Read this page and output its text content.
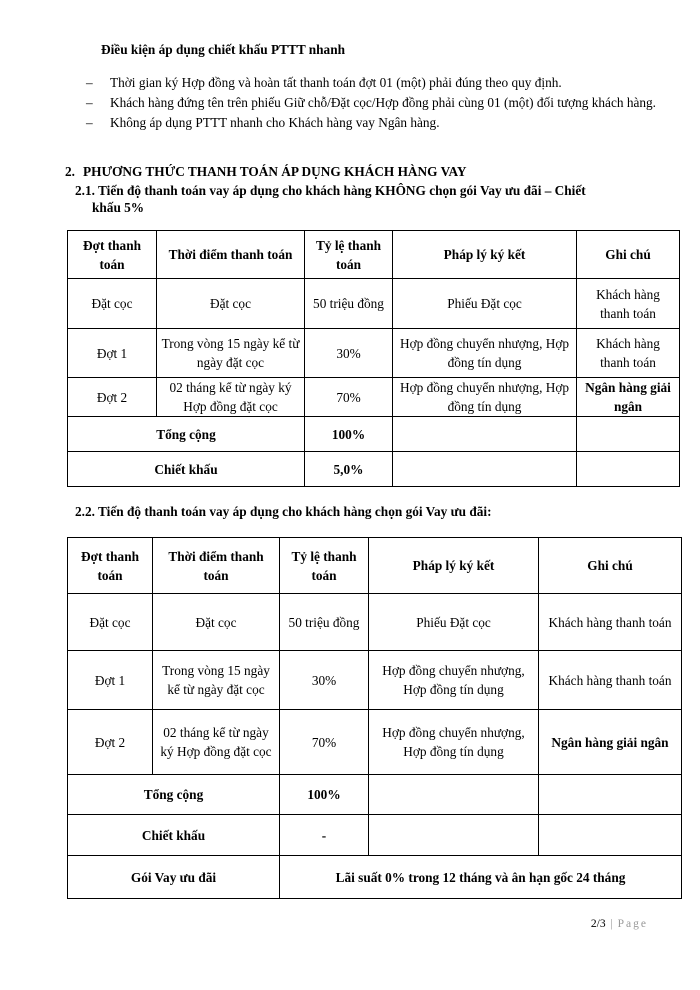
Điều kiện áp dụng chiết khấu PTTT nhanh
– Thời gian ký Hợp đồng và hoàn tất thanh toán đợt 01 (một) phải đúng theo quy định.
– Khách hàng đứng tên trên phiếu Giữ chỗ/Đặt cọc/Hợp đồng phải cùng 01 (một) đối tượng khách hàng.
– Không áp dụng PTTT nhanh cho Khách hàng vay Ngân hàng.
2. PHƯƠNG THỨC THANH TOÁN ÁP DỤNG KHÁCH HÀNG VAY
2.1. Tiến độ thanh toán vay áp dụng cho khách hàng KHÔNG chọn gói Vay ưu đãi – Chiết
khấu 5%
Đợt thanh toán	Thời điểm thanh toán	Tỷ lệ thanh toán	Pháp lý ký kết	Ghi chú
Đặt cọc	Đặt cọc	50 triệu đồng	Phiếu Đặt cọc	Khách hàng thanh toán
Đợt 1	Trong vòng 15 ngày kể từ ngày đặt cọc	30%	Hợp đồng chuyển nhượng, Hợp đồng tín dụng	Khách hàng thanh toán
Đợt 2	02 tháng kể từ ngày ký Hợp đồng đặt cọc	70%	Hợp đồng chuyển nhượng, Hợp đồng tín dụng	Ngân hàng giải ngân
Tổng cộng		100%		
Chiết khấu		5,0%		
2.2. Tiến độ thanh toán vay áp dụng cho khách hàng chọn gói Vay ưu đãi:
Đợt thanh toán	Thời điểm thanh toán	Tỷ lệ thanh toán	Pháp lý ký kết	Ghi chú
Đặt cọc	Đặt cọc	50 triệu đồng	Phiếu Đặt cọc	Khách hàng thanh toán
Đợt 1	Trong vòng 15 ngày kể từ ngày đặt cọc	30%	Hợp đồng chuyển nhượng, Hợp đồng tín dụng	Khách hàng thanh toán
Đợt 2	02 tháng kể từ ngày ký Hợp đồng đặt cọc	70%	Hợp đồng chuyển nhượng, Hợp đồng tín dụng	Ngân hàng giải ngân
Tổng cộng		100%		
Chiết khấu		-		
Gói Vay ưu đãi		Lãi suất 0% trong 12 tháng và ân hạn gốc 24 tháng		
2/3 | Page
